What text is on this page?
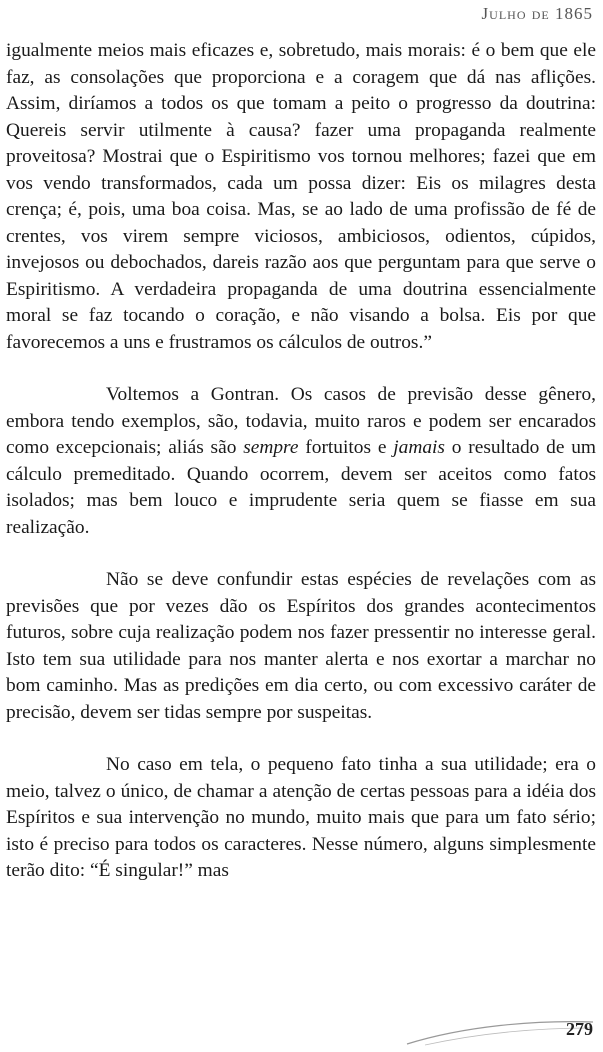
Julho de 1865

igualmente meios mais eficazes e, sobretudo, mais morais: é o bem que ele faz, as consolações que proporciona e a coragem que dá nas aflições. Assim, diríamos a todos os que tomam a peito o progresso da doutrina: Quereis servir utilmente à causa? fazer uma propaganda realmente proveitosa? Mostrai que o Espiritismo vos tornou melhores; fazei que em vos vendo transformados, cada um possa dizer: Eis os milagres desta crença; é, pois, uma boa coisa. Mas, se ao lado de uma profissão de fé de crentes, vos virem sempre viciosos, ambiciosos, odientos, cúpidos, invejosos ou debochados, dareis razão aos que perguntam para que serve o Espiritismo. A verdadeira propaganda de uma doutrina essencialmente moral se faz tocando o coração, e não visando a bolsa. Eis por que favorecemos a uns e frustramos os cálculos de outros.”

Voltemos a Gontran. Os casos de previsão desse gênero, embora tendo exemplos, são, todavia, muito raros e podem ser encarados como excepcionais; aliás são sempre fortuitos e jamais o resultado de um cálculo premeditado. Quando ocorrem, devem ser aceitos como fatos isolados; mas bem louco e imprudente seria quem se fiasse em sua realização.

Não se deve confundir estas espécies de revelações com as previsões que por vezes dão os Espíritos dos grandes acontecimentos futuros, sobre cuja realização podem nos fazer pressentir no interesse geral. Isto tem sua utilidade para nos manter alerta e nos exortar a marchar no bom caminho. Mas as predições em dia certo, ou com excessivo caráter de precisão, devem ser tidas sempre por suspeitas.

No caso em tela, o pequeno fato tinha a sua utilidade; era o meio, talvez o único, de chamar a atenção de certas pessoas para a idéia dos Espíritos e sua intervenção no mundo, muito mais que para um fato sério; isto é preciso para todos os caracteres. Nesse número, alguns simplesmente terão dito: “É singular!” mas

279
